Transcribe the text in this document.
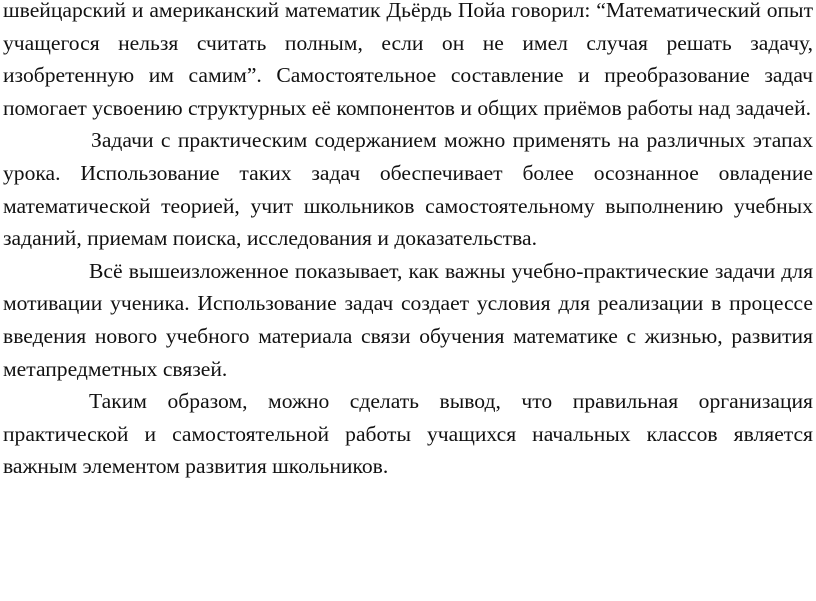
швейцарский и американский математик Дьёрдь Пойа говорил: “Математический опыт учащегося нельзя считать полным, если он не имел случая решать задачу, изобретенную им самим”. Самостоятельное составление и преобразование задач помогает усвоению структурных её компонентов и общих приёмов работы над задачей.

Задачи с практическим содержанием можно применять на различных этапах урока. Использование таких задач обеспечивает более осознанное овладение математической теорией, учит школьников самостоятельному выполнению учебных заданий, приемам поиска, исследования и доказательства.

Всё вышеизложенное показывает, как важны учебно-практические задачи для мотивации ученика. Использование задач создает условия для реализации в процессе введения нового учебного материала связи обучения математике с жизнью, развития метапредметных связей.

Таким образом, можно сделать вывод, что правильная организация практической и самостоятельной работы учащихся начальных классов является важным элементом развития школьников.
